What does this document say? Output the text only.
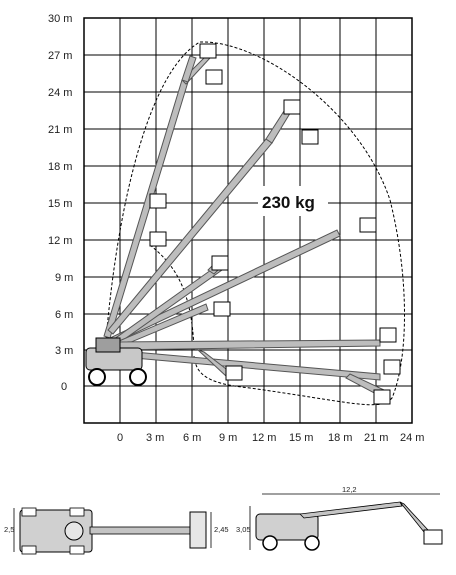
30 m
27 m
24 m
21 m
18 m
15 m
12 m
9 m
6 m
3 m
0
0 3 m 6 m 9 m 12 m 15 m 18 m 21 m 24 m
230 kg
2,5	2,45
12,2
3,05
